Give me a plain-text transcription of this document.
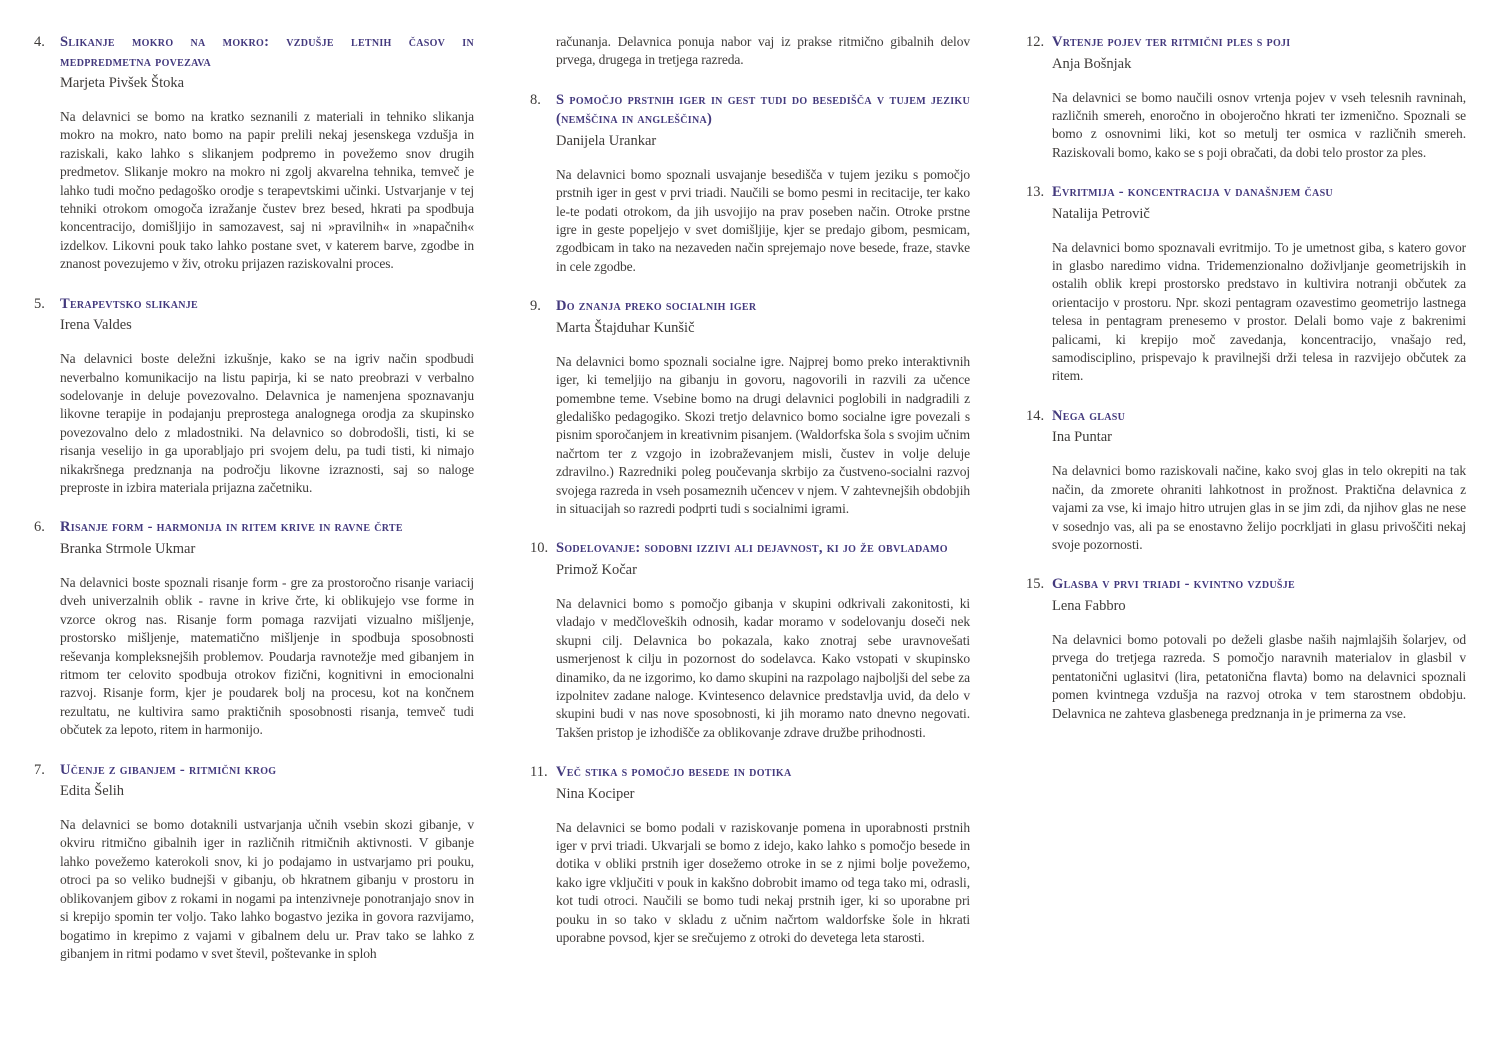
4.	Slikanje mokro na mokro: vzdušje letnih časov in medpredmetna povezava
Marjeta Pivšek Štoka

Na delavnici se bomo na kratko seznanili z materiali in tehniko slikanja mokro na mokro, nato bomo na papir prelili nekaj jesenskega vzdušja in raziskali, kako lahko s slikanjem podpremo in povežemo snov drugih predmetov. Slikanje mokro na mokro ni zgolj akvarelna tehnika, temveč je lahko tudi močno pedagoško orodje s terapevtskimi učinki. Ustvarjanje v tej tehniki otrokom omogoča izražanje čustev brez besed, hkrati pa spodbuja koncentracijo, domišljijo in samozavest, saj ni »pravilnih« in »napačnih« izdelkov. Likovni pouk tako lahko postane svet, v katerem barve, zgodbe in znanost povezujemo v živ, otroku prijazen raziskovalni proces.

5.	Terapevtsko slikanje
Irena Valdes

Na delavnici boste deležni izkušnje, kako se na igriv način spodbudi neverbalno komunikacijo na listu papirja, ki se nato preobrazi v verbalno sodelovanje in deluje povezovalno. Delavnica je namenjena spoznavanju likovne terapije in podajanju preprostega analognega orodja za skupinsko povezovalno delo z mladostniki. Na delavnico so dobrodošli, tisti, ki se risanja veselijo in ga uporabljajo pri svojem delu, pa tudi tisti, ki nimajo nikakršnega predznanja na področju likovne izraznosti, saj so naloge preproste in izbira materiala prijazna začetniku.

6.	Risanje form - harmonija in ritem krive in ravne črte
Branka Strmole Ukmar

Na delavnici boste spoznali risanje form - gre za prostoročno risanje variacij dveh univerzalnih oblik - ravne in krive črte, ki oblikujejo vse forme in vzorce okrog nas. Risanje form pomaga razvijati vizualno mišljenje, prostorsko mišljenje, matematično mišljenje in spodbuja sposobnosti reševanja kompleksnejših problemov. Poudarja ravnotežje med gibanjem in ritmom ter celovito spodbuja otrokov fizični, kognitivni in emocionalni razvoj. Risanje form, kjer je poudarek bolj na procesu, kot na končnem rezultatu, ne kultivira samo praktičnih sposobnosti risanja, temveč tudi občutek za lepoto, ritem in harmonijo.

7.	Učenje z gibanjem - ritmični krog
Edita Šelih

Na delavnici se bomo dotaknili ustvarjanja učnih vsebin skozi gibanje, v okviru ritmično gibalnih iger in različnih ritmičnih aktivnosti. V gibanje lahko povežemo katerokoli snov, ki jo podajamo in ustvarjamo pri pouku, otroci pa so veliko budnejši v gibanju, ob hkratnem gibanju v prostoru in oblikovanjem gibov z rokami in nogami pa intenzivneje ponotranjajo snov in si krepijo spomin ter voljo. Tako lahko bogastvo jezika in govora razvijamo, bogatimo in krepimo z vajami v gibalnem delu ur. Prav tako se lahko z gibanjem in ritmi podamo v svet števil, poštevanke in sploh

računanja. Delavnica ponuja nabor vaj iz prakse ritmično gibalnih delov prvega, drugega in tretjega razreda.

8.	S pomočjo prstnih iger in gest tudi do besedišča v tujem jeziku (nemščina in angleščina)
Danijela Urankar

Na delavnici bomo spoznali usvajanje besedišča v tujem jeziku s pomočjo prstnih iger in gest v prvi triadi. Naučili se bomo pesmi in recitacije, ter kako le-te podati otrokom, da jih usvojijo na prav poseben način. Otroke prstne igre in geste popeljejo v svet domišljije, kjer se predajo gibom, pesmicam, zgodbicam in tako na nezaveden način sprejemajo nove besede, fraze, stavke in cele zgodbe.

9.	Do znanja preko socialnih iger
Marta Štajduhar Kunšič

Na delavnici bomo spoznali socialne igre. Najprej bomo preko interaktivnih iger, ki temeljijo na gibanju in govoru, nagovorili in razvili za učence pomembne teme. Vsebine bomo na drugi delavnici poglobili in nadgradili z gledališko pedagogiko. Skozi tretjo delavnico bomo socialne igre povezali s pisnim sporočanjem in kreativnim pisanjem. (Waldorfska šola s svojim učnim načrtom ter z vzgojo in izobraževanjem misli, čustev in volje deluje zdravilno.) Razredniki poleg poučevanja skrbijo za čustveno-socialni razvoj svojega razreda in vseh posameznih učencev v njem. V zahtevnejših obdobjih in situacijah so razredi podprti tudi s socialnimi igrami.

10. Sodelovanje: sodobni izzivi ali dejavnost, ki jo že obvladamo
Primož Kočar

Na delavnici bomo s pomočjo gibanja v skupini odkrivali zakonitosti, ki vladajo v medčloveških odnosih, kadar moramo v sodelovanju doseči nek skupni cilj. Delavnica bo pokazala, kako znotraj sebe uravnovešati usmerjenost k cilju in pozornost do sodelavca. Kako vstopati v skupinsko dinamiko, da ne izgorimo, ko damo skupini na razpolago najboljši del sebe za izpolnitev zadane naloge. Kvintesenco delavnice predstavlja uvid, da delo v skupini budi v nas nove sposobnosti, ki jih moramo nato dnevno negovati. Takšen pristop je izhodišče za oblikovanje zdrave družbe prihodnosti.

11. Več stika s pomočjo besede in dotika
Nina Kociper

Na delavnici se bomo podali v raziskovanje pomena in uporabnosti prstnih iger v prvi triadi. Ukvarjali se bomo z idejo, kako lahko s pomočjo besede in dotika v obliki prstnih iger dosežemo otroke in se z njimi bolje povežemo, kako igre vključiti v pouk in kakšno dobrobit imamo od tega tako mi, odrasli, kot tudi otroci. Naučili se bomo tudi nekaj prstnih iger, ki so uporabne pri pouku in so tako v skladu z učnim načrtom waldorfske šole in hkrati uporabne povsod, kjer se srečujemo z otroki do devetega leta starosti.

12. Vrtenje pojev ter ritmični ples s poji
Anja Bošnjak

Na delavnici se bomo naučili osnov vrtenja pojev v vseh telesnih ravninah, različnih smereh, enoročno in obojeročno hkrati ter izmenično. Spoznali se bomo z osnovnimi liki, kot so metulj ter osmica v različnih smereh. Raziskovali bomo, kako se s poji obračati, da dobi telo prostor za ples.

13. Evritmija - koncentracija v današnjem času
Natalija Petrovič

Na delavnici bomo spoznavali evritmijo. To je umetnost giba, s katero govor in glasbo naredimo vidna. Tridemenzionalno doživljanje geometrijskih in ostalih oblik krepi prostorsko predstavo in kultivira notranji občutek za orientacijo v prostoru. Npr. skozi pentagram ozavestimo geometrijo lastnega telesa in pentagram prenesemo v prostor. Delali bomo vaje z bakrenimi palicami, ki krepijo moč zavedanja, koncentracijo, vnašajo red, samodisciplino, prispevajo k pravilnejši drži telesa in razvijejo občutek za ritem.

14. Nega glasu
Ina Puntar

Na delavnici bomo raziskovali načine, kako svoj glas in telo okrepiti na tak način, da zmorete ohraniti lahkotnost in prožnost. Praktična delavnica z vajami za vse, ki imajo hitro utrujen glas in se jim zdi, da njihov glas ne nese v sosednjo vas, ali pa se enostavno želijo pocrkljati in glasu privoščiti nekaj svoje pozornosti.

15. Glasba v prvi triadi - kvintno vzdušje
Lena Fabbro

Na delavnici bomo potovali po deželi glasbe naših najmlajših šolarjev, od prvega do tretjega razreda. S pomočjo naravnih materialov in glasbil v pentatonični uglasitvi (lira, petatonična flavta) bomo na delavnici spoznali pomen kvintnega vzdušja na razvoj otroka v tem starostnem obdobju. Delavnica ne zahteva glasbenega predznanja in je primerna za vse.
